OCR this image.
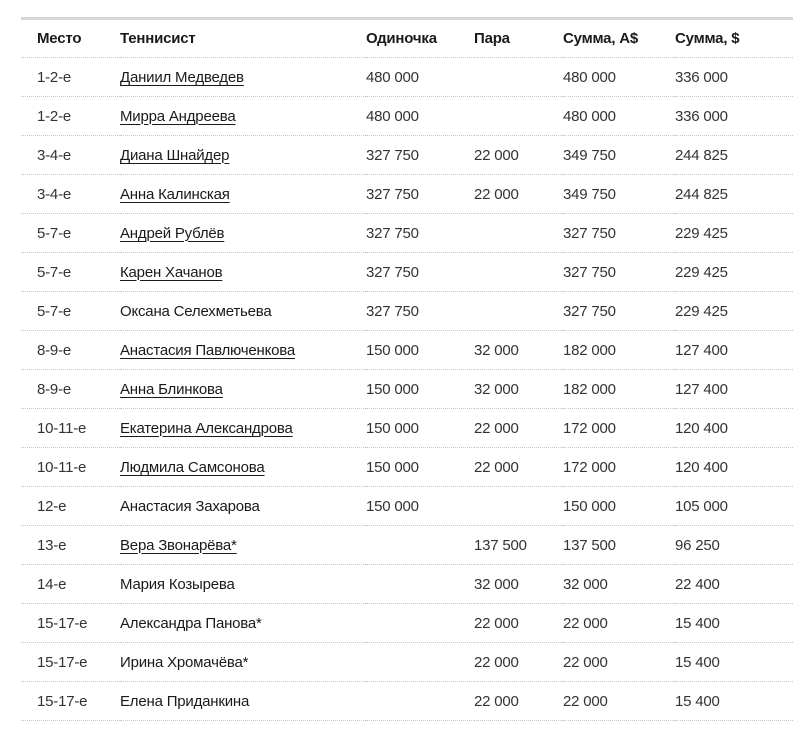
Место	Теннисист	Одиночка	Пара	Сумма, A$	Сумма, $
1-2-е	Даниил Медведев	480 000		480 000	336 000
1-2-е	Мирра Андреева	480 000		480 000	336 000
3-4-е	Диана Шнайдер	327 750	22 000	349 750	244 825
3-4-е	Анна Калинская	327 750	22 000	349 750	244 825
5-7-е	Андрей Рублёв	327 750		327 750	229 425
5-7-е	Карен Хачанов	327 750		327 750	229 425
5-7-е	Оксана Селехметьева	327 750		327 750	229 425
8-9-е	Анастасия Павлюченкова	150 000	32 000	182 000	127 400
8-9-е	Анна Блинкова	150 000	32 000	182 000	127 400
10-11-е	Екатерина Александрова	150 000	22 000	172 000	120 400
10-11-е	Людмила Самсонова	150 000	22 000	172 000	120 400
12-е	Анастасия Захарова	150 000		150 000	105 000
13-е	Вера Звонарёва*		137 500	137 500	96 250
14-е	Мария Козырева		32 000	32 000	22 400
15-17-е	Александра Панова*		22 000	22 000	15 400
15-17-е	Ирина Хромачёва*		22 000	22 000	15 400
15-17-е	Елена Приданкина		22 000	22 000	15 400
